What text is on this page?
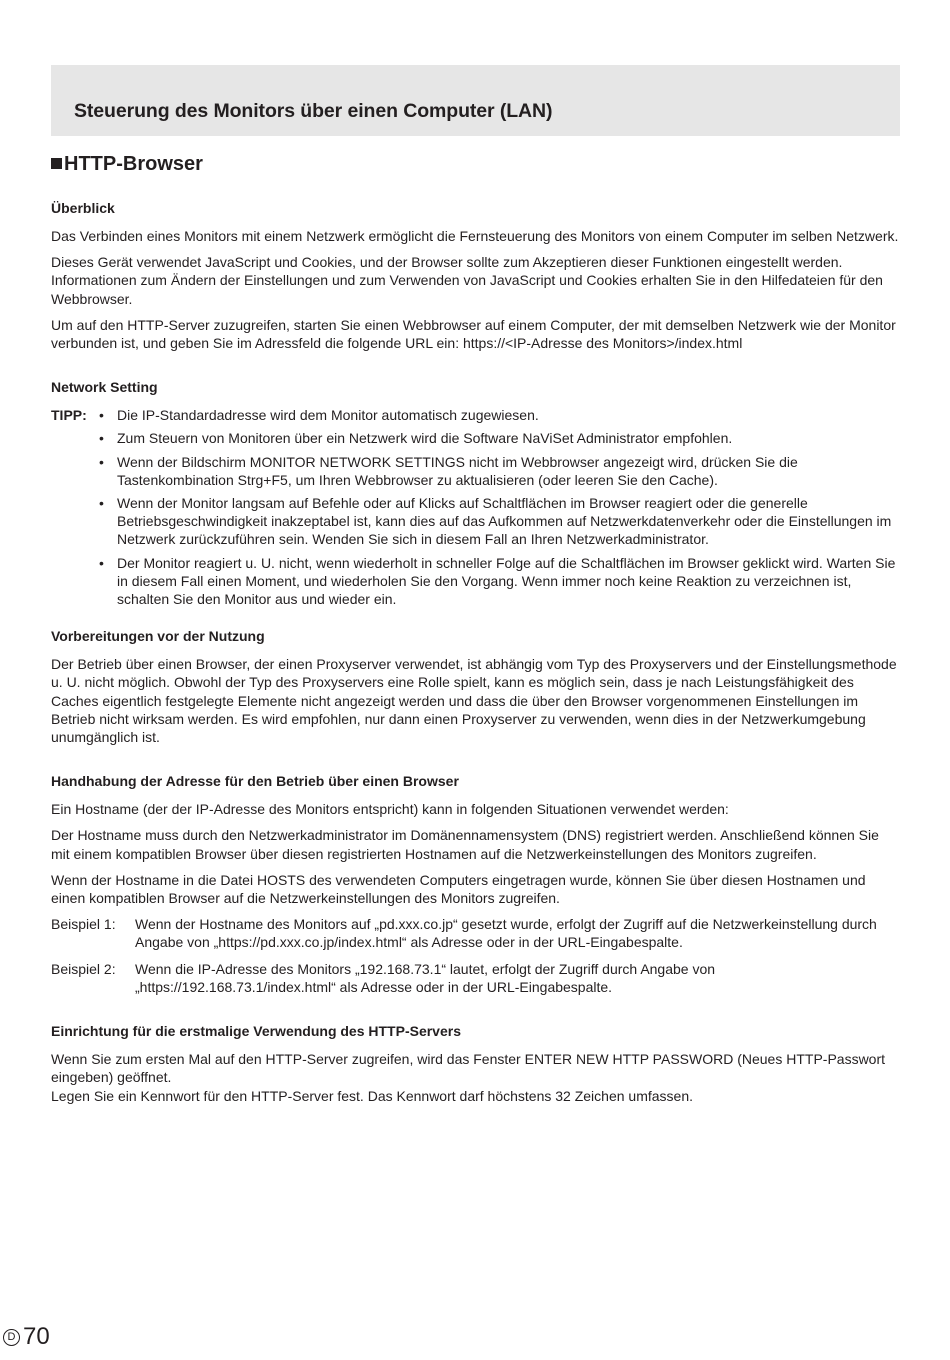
Steuerung des Monitors über einen Computer (LAN)
HTTP-Browser
Überblick

Das Verbinden eines Monitors mit einem Netzwerk ermöglicht die Fernsteuerung des Monitors von einem Computer im selben Netzwerk.

Dieses Gerät verwendet JavaScript und Cookies, und der Browser sollte zum Akzeptieren dieser Funktionen eingestellt werden. Informationen zum Ändern der Einstellungen und zum Verwenden von JavaScript und Cookies erhalten Sie in den Hilfedateien für den Webbrowser.

Um auf den HTTP-Server zuzugreifen, starten Sie einen Webbrowser auf einem Computer, der mit demselben Netzwerk wie der Monitor verbunden ist, und geben Sie im Adressfeld die folgende URL ein: https://<IP-Adresse des Monitors>/index.html

Network Setting
TIPP: • Die IP-Standardadresse wird dem Monitor automatisch zugewiesen.
• Zum Steuern von Monitoren über ein Netzwerk wird die Software NaViSet Administrator empfohlen.
• Wenn der Bildschirm MONITOR NETWORK SETTINGS nicht im Webbrowser angezeigt wird, drücken Sie die Tastenkombination Strg+F5, um Ihren Webbrowser zu aktualisieren (oder leeren Sie den Cache).
• Wenn der Monitor langsam auf Befehle oder auf Klicks auf Schaltflächen im Browser reagiert oder die generelle Betriebsgeschwindigkeit inakzeptabel ist, kann dies auf das Aufkommen auf Netzwerkdatenverkehr oder die Einstellungen im Netzwerk zurückzuführen sein. Wenden Sie sich in diesem Fall an Ihren Netzwerkadministrator.
• Der Monitor reagiert u. U. nicht, wenn wiederholt in schneller Folge auf die Schaltflächen im Browser geklickt wird. Warten Sie in diesem Fall einen Moment, und wiederholen Sie den Vorgang. Wenn immer noch keine Reaktion zu verzeichnen ist, schalten Sie den Monitor aus und wieder ein.
Vorbereitungen vor der Nutzung

Der Betrieb über einen Browser, der einen Proxyserver verwendet, ist abhängig vom Typ des Proxyservers und der Einstellungsmethode u. U. nicht möglich. Obwohl der Typ des Proxyservers eine Rolle spielt, kann es möglich sein, dass je nach Leistungsfähigkeit des Caches eigentlich festgelegte Elemente nicht angezeigt werden und dass die über den Browser vorgenommenen Einstellungen im Betrieb nicht wirksam werden. Es wird empfohlen, nur dann einen Proxyserver zu verwenden, wenn dies in der Netzwerkumgebung unumgänglich ist.

Handhabung der Adresse für den Betrieb über einen Browser

Ein Hostname (der der IP-Adresse des Monitors entspricht) kann in folgenden Situationen verwendet werden:

Der Hostname muss durch den Netzwerkadministrator im Domänennamensystem (DNS) registriert werden. Anschließend können Sie mit einem kompatiblen Browser über diesen registrierten Hostnamen auf die Netzwerkeinstellungen des Monitors zugreifen.

Wenn der Hostname in die Datei HOSTS des verwendeten Computers eingetragen wurde, können Sie über diesen Hostnamen und einen kompatiblen Browser auf die Netzwerkeinstellungen des Monitors zugreifen.

Beispiel 1:	Wenn der Hostname des Monitors auf „pd.xxx.co.jp“ gesetzt wurde, erfolgt der Zugriff auf die Netzwerkeinstellung durch Angabe von „https://pd.xxx.co.jp/index.html“ als Adresse oder in der URL-Eingabespalte.
Beispiel 2:	Wenn die IP-Adresse des Monitors „192.168.73.1“ lautet, erfolgt der Zugriff durch Angabe von „https://192.168.73.1/index.html“ als Adresse oder in der URL-Eingabespalte.
Einrichtung für die erstmalige Verwendung des HTTP-Servers
Wenn Sie zum ersten Mal auf den HTTP-Server zugreifen, wird das Fenster ENTER NEW HTTP PASSWORD (Neues HTTP-Passwort eingeben) geöffnet.
Legen Sie ein Kennwort für den HTTP-Server fest. Das Kennwort darf höchstens 32 Zeichen umfassen.
D 70
